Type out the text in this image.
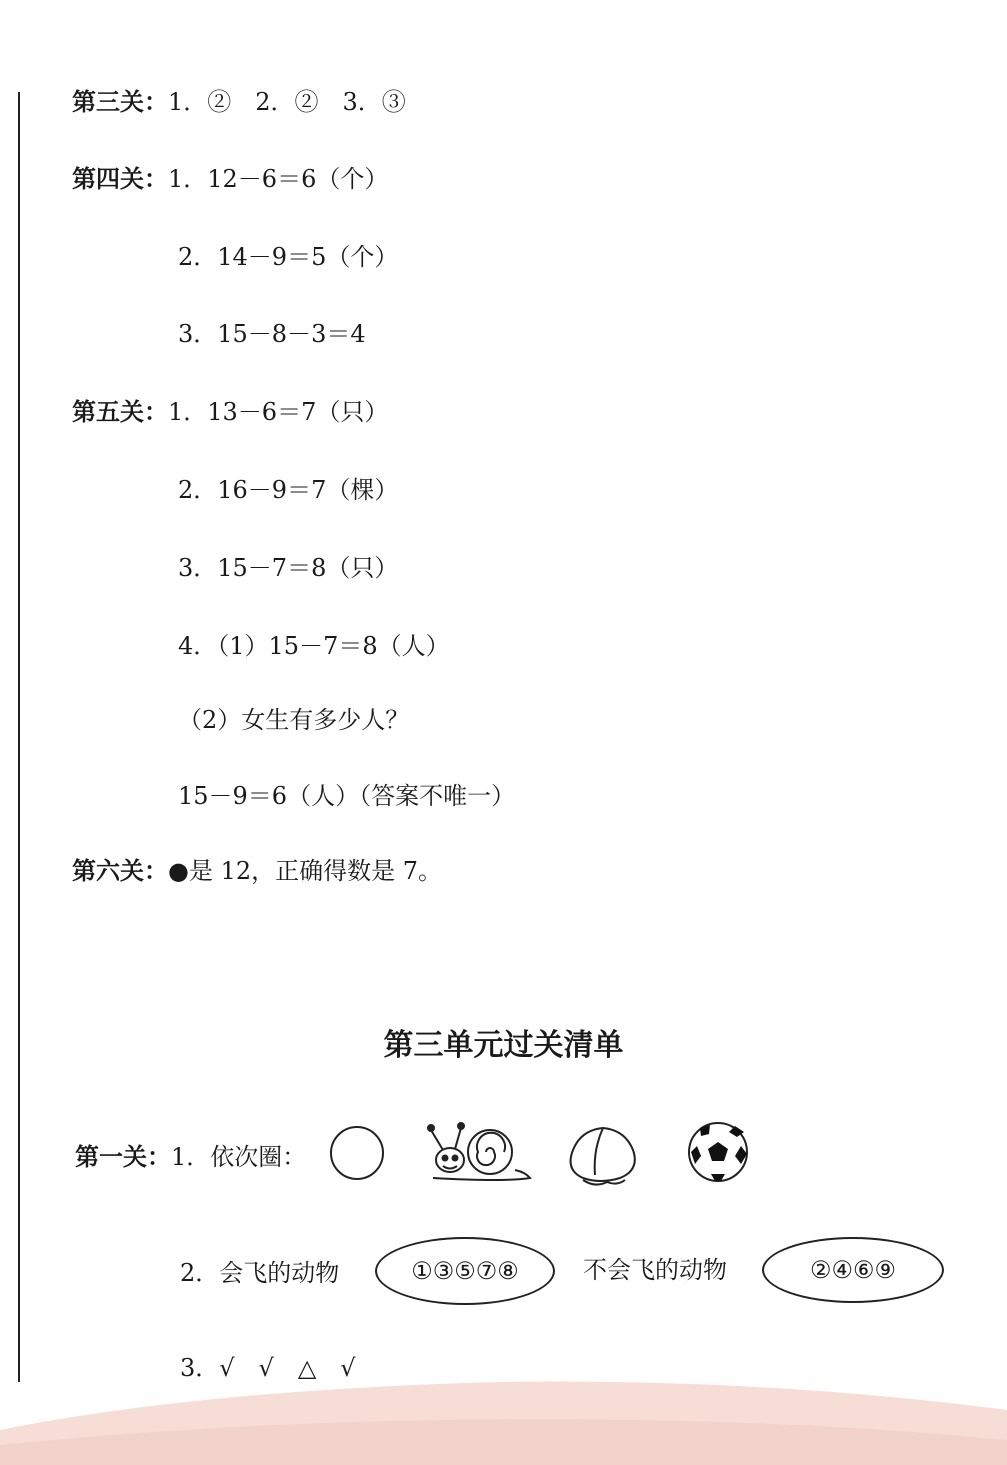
第三关：1．②　2．②　3．③
第四关：1．12－6＝6（个）
2．14－9＝5（个）
3．15－8－3＝4
第五关：1．13－6＝7（只）
2．16－9＝7（棵）
3．15－7＝8（只）
4．（1）15－7＝8（人）
（2）女生有多少人？
15－9＝6（人）（答案不唯一）
第六关：●是 12，正确得数是 7。
第三单元过关清单
第一关：1．依次圈：
2．会飞的动物	①③⑤⑦⑧	不会飞的动物	②④⑥⑨
3．√　√　△　√
